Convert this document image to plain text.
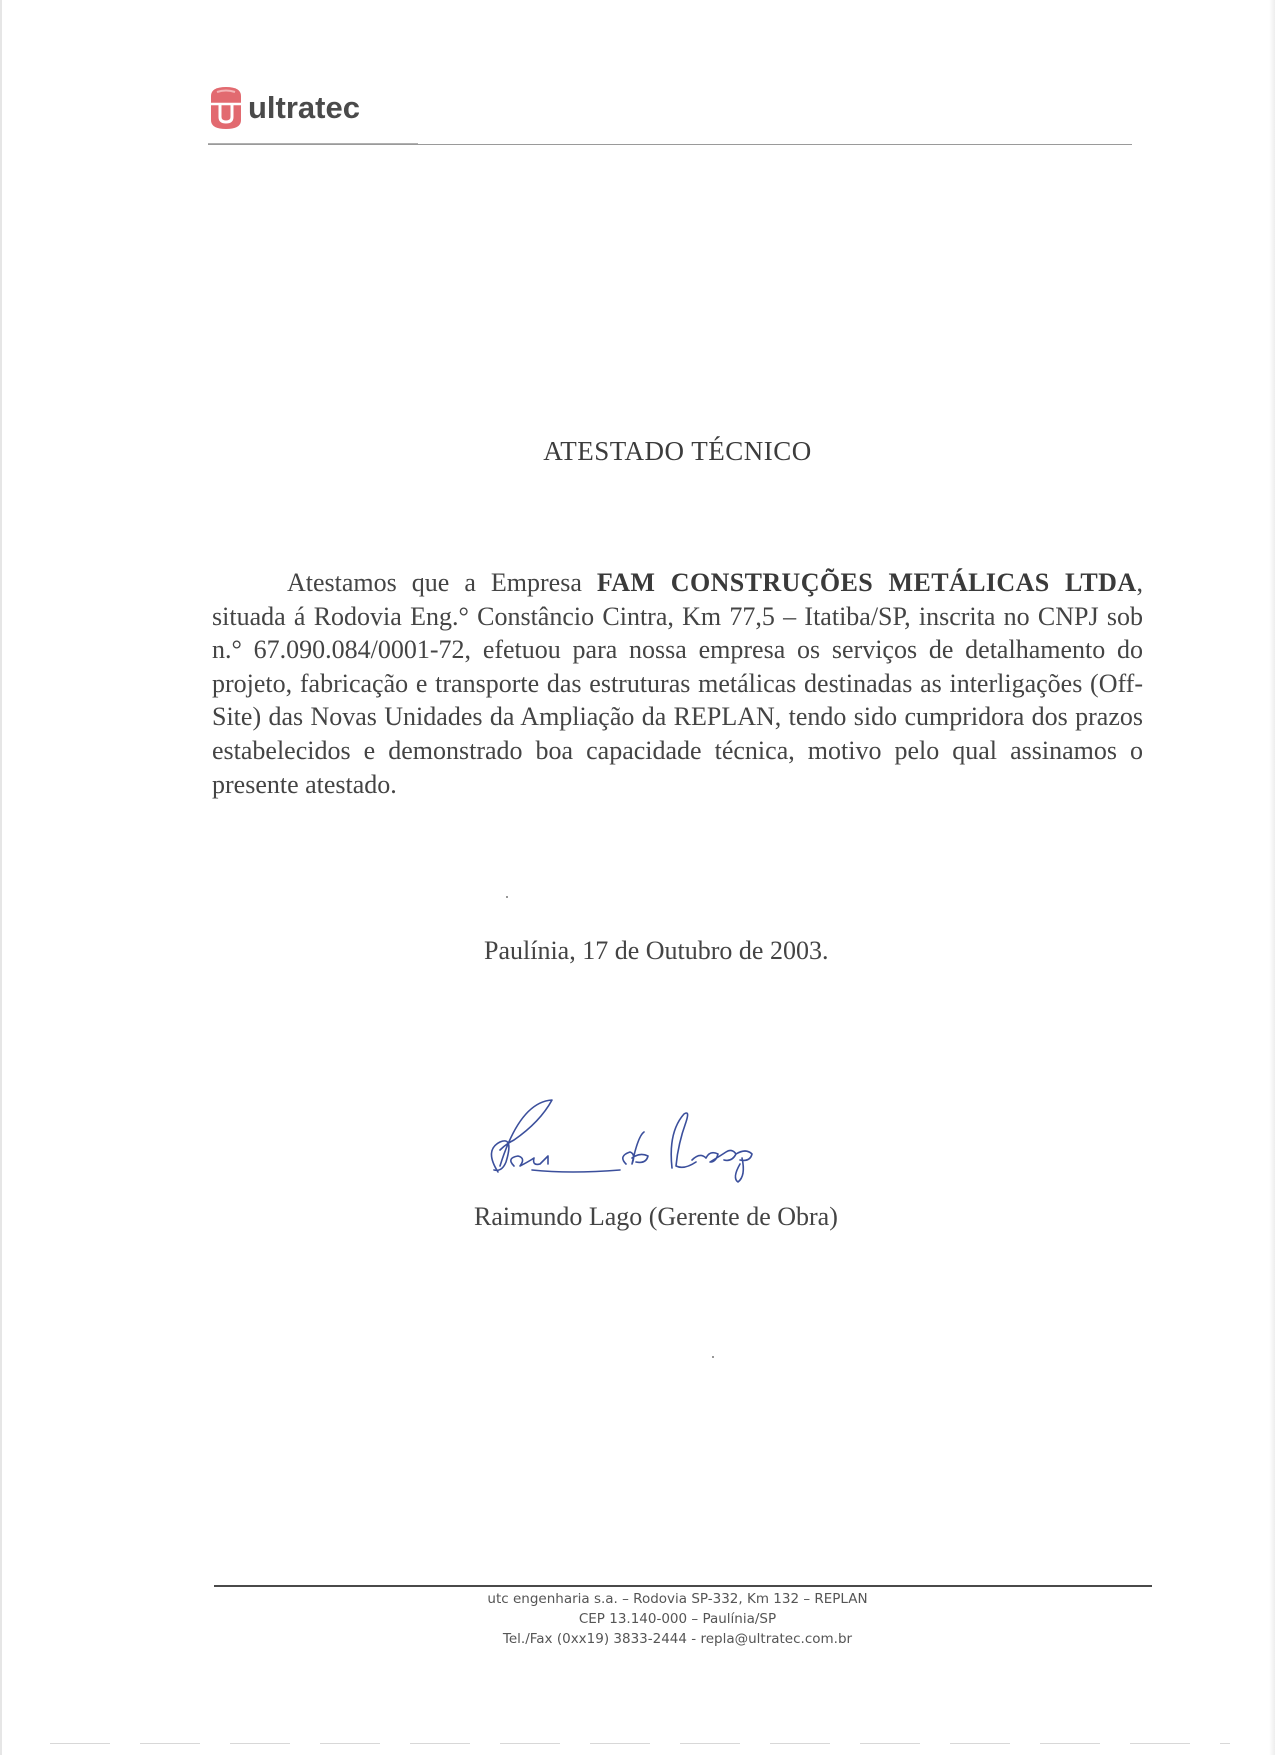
ultratec
ATESTADO TÉCNICO

Atestamos que a Empresa FAM CONSTRUÇÕES METÁLICAS LTDA, situada á Rodovia Eng.° Constâncio Cintra, Km 77,5 – Itatiba/SP, inscrita no CNPJ sob n.° 67.090.084/0001-72, efetuou para nossa empresa os serviços de detalhamento do projeto, fabricação e transporte das estruturas metálicas destinadas as interligações (Off-Site) das Novas Unidades da Ampliação da REPLAN, tendo sido cumpridora dos prazos estabelecidos e demonstrado boa capacidade técnica, motivo pelo qual assinamos o presente atestado.

Paulínia, 17 de Outubro de 2003.
Raimundo Lago (Gerente de Obra)
utc engenharia s.a. – Rodovia SP-332, Km 132 – REPLAN
CEP 13.140-000 – Paulínia/SP
Tel./Fax (0xx19) 3833-2444 - repla@ultratec.com.br
